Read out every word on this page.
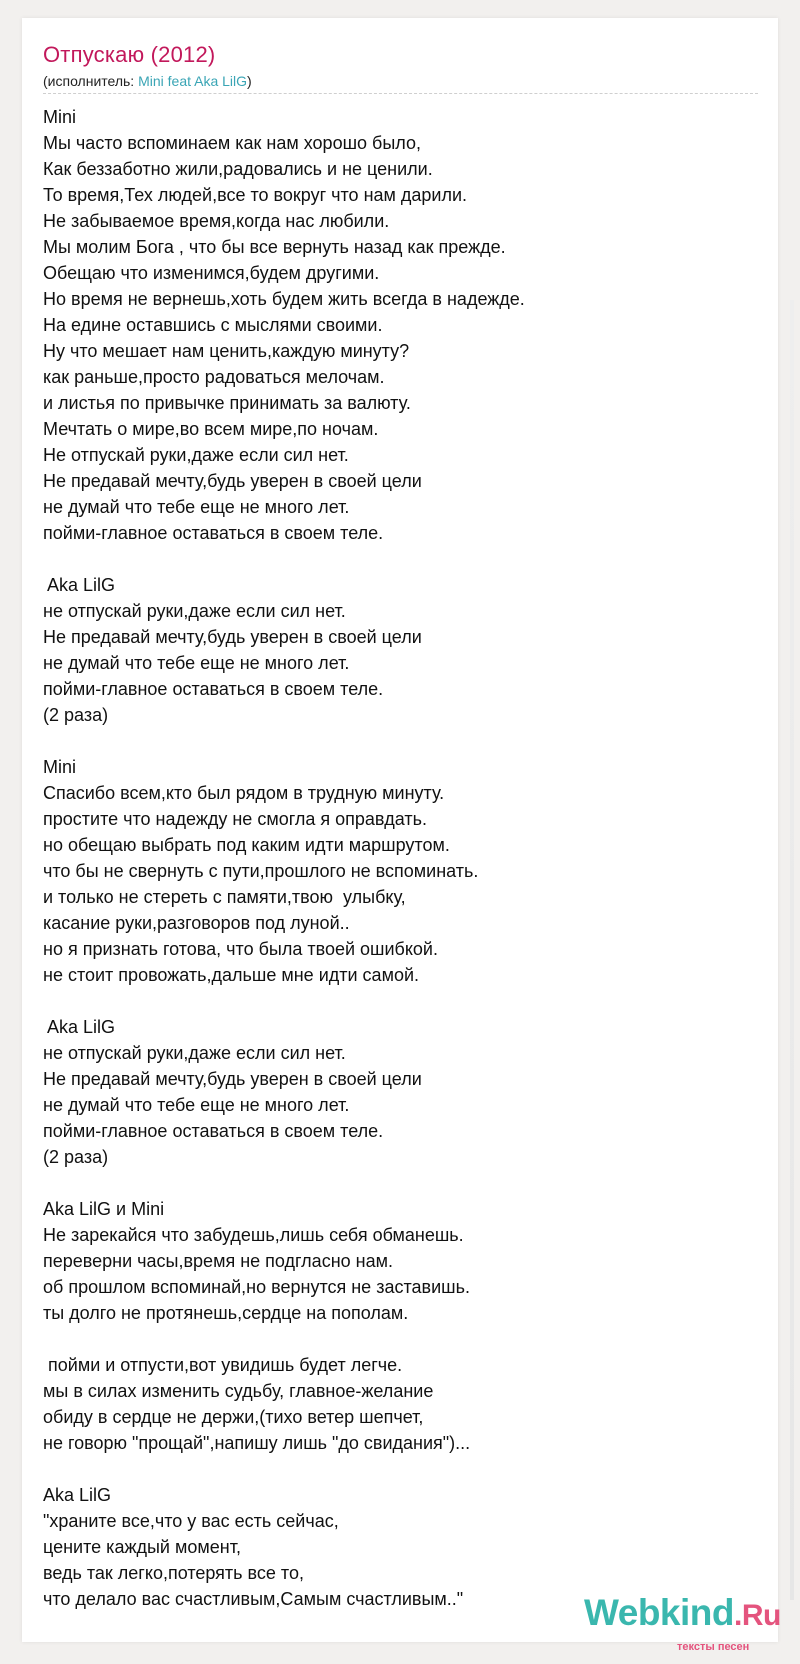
Отпускаю (2012)
(исполнитель: Mini feat Aka LilG)
Mini
Мы часто вспоминаем как нам хорошо было,
Как беззаботно жили,радовались и не ценили.
То время,Тех людей,все то вокруг что нам дарили.
Не забываемое время,когда нас любили.
Мы молим Бога , что бы все вернуть назад как прежде.
Обещаю что изменимся,будем другими.
Но время не вернешь,хоть будем жить всегда в надежде.
На едине оставшись с мыслями своими.
Ну что мешает нам ценить,каждую минуту?
как раньше,просто радоваться мелочам.
и листья по привычке принимать за валюту.
Мечтать о мире,во всем мире,по ночам.
Не отпускай руки,даже если сил нет.
Не предавай мечту,будь уверен в своей цели
не думай что тебе еще не много лет.
пойми-главное оставаться в своем теле.
Aka LilG
не отпускай руки,даже если сил нет.
Не предавай мечту,будь уверен в своей цели
не думай что тебе еще не много лет.
пойми-главное оставаться в своем теле.
(2 раза)
Mini
Спасибо всем,кто был рядом в трудную минуту.
простите что надежду не смогла я оправдать.
но обещаю выбрать под каким идти маршрутом.
что бы не свернуть с пути,прошлого не вспоминать.
и только не стереть с памяти,твою  улыбку,
касание руки,разговоров под луной..
но я признать готова, что была твоей ошибкой.
не стоит провожать,дальше мне идти самой.
Aka LilG
не отпускай руки,даже если сил нет.
Не предавай мечту,будь уверен в своей цели
не думай что тебе еще не много лет.
пойми-главное оставаться в своем теле.
(2 раза)
Aka LilG и Mini
Не зарекайся что забудешь,лишь себя обманешь.
переверни часы,время не подгласно нам.
об прошлом вспоминай,но вернутся не заставишь.
ты долго не протянешь,сердце на пополам.
пойми и отпусти,вот увидишь будет легче.
мы в силах изменить судьбу, главное-желание
обиду в сердце не держи,(тихо ветер шепчет,
не говорю "прощай",напишу лишь "до свидания")...
Aka LilG
"храните все,что у вас есть сейчас,
цените каждый момент,
ведь так легко,потерять все то,
что делало вас счастливым,Самым счастливым.."	Webkind.Ru
тексты песен
